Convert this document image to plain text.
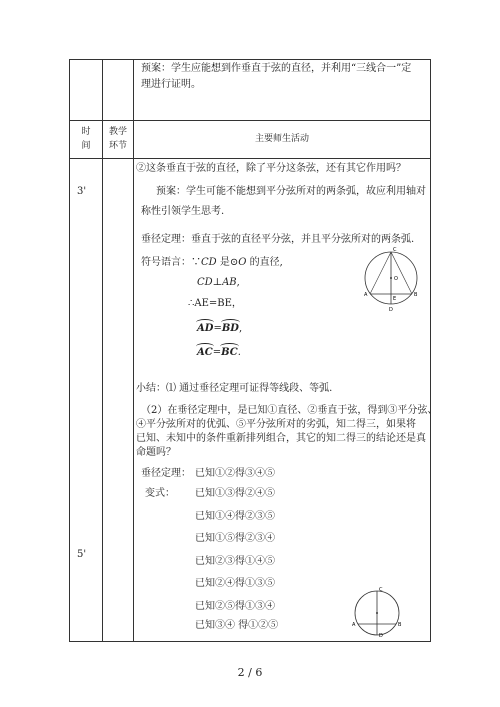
预案：学生应能想到作垂直于弦的直径，并利用“三线合一”定
理进行证明。
时
间
教学
环节
主要师生活动
3'
5'
②这条垂直于弦的直径，除了平分这条弦，还有其它作用吗？
预案：学生可能不能想到平分弦所对的两条弧，故应利用轴对
称性引领学生思考.
垂径定理：垂直于弦的直径平分弦，并且平分弦所对的两条弧.
符号语言：∵CD 是⊙O 的直径,
CD⊥AB,
∴AE=BE，
AD=BD,
AC=BC.
C
A
E
B
D
O
小结：⑴ 通过垂径定理可证得等线段、等弧.
（2）在垂径定理中，是已知①直径、②垂直于弦，得到③平分弦、
④平分弦所对的优弧、⑤平分弦所对的劣弧，知二得三，如果将
已知、未知中的条件重新排列组合，其它的知二得三的结论还是真
命题吗？
垂径定理： 已知①②得③④⑤
变式： 已知①③得②④⑤
已知①④得②③⑤
已知①⑤得②③④
已知②③得①④⑤
已知②④得①③⑤
已知②⑤得①③④
已知③④ 得①②⑤
C
A	B
D
2 / 6
